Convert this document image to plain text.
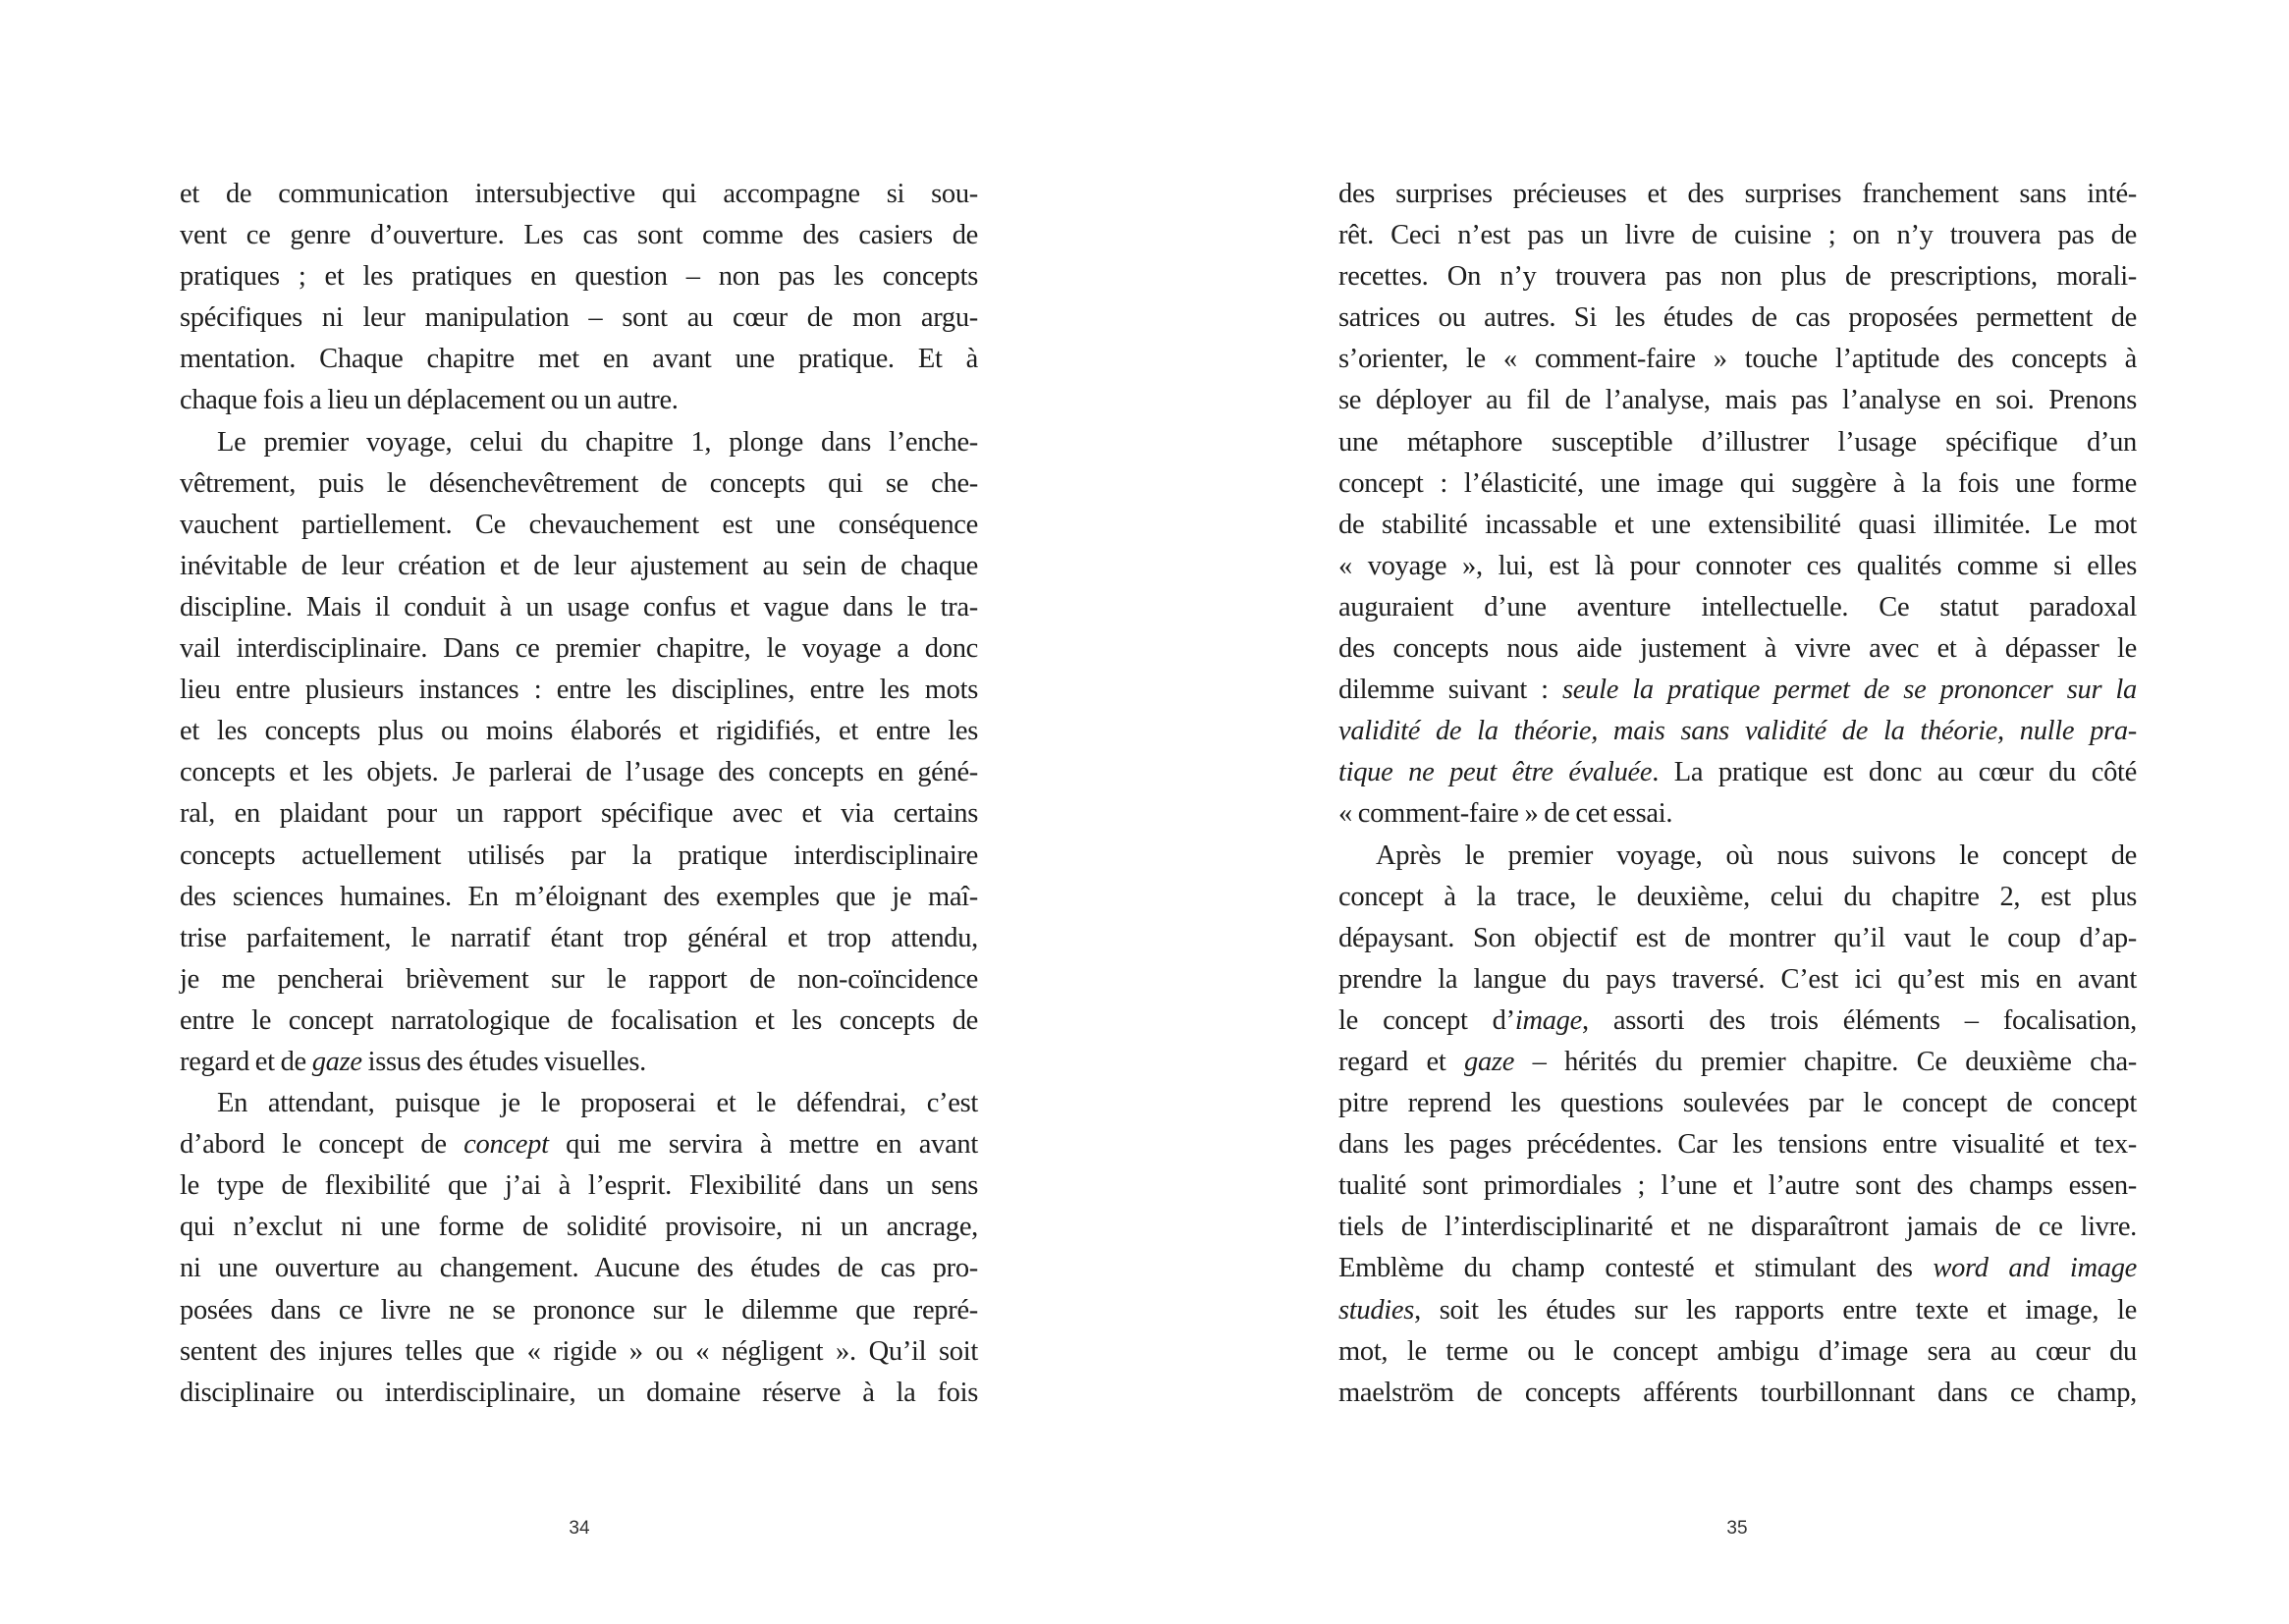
et de communication intersubjective qui accompagne si sou-
vent ce genre d’ouverture. Les cas sont comme des casiers de
pratiques ; et les pratiques en question – non pas les concepts
spécifiques ni leur manipulation – sont au cœur de mon argu-
mentation. Chaque chapitre met en avant une pratique. Et à
chaque fois a lieu un déplacement ou un autre.
Le premier voyage, celui du chapitre 1, plonge dans l’enche-
vêtrement, puis le désenchevêtrement de concepts qui se che-
vauchent partiellement. Ce chevauchement est une conséquence
inévitable de leur création et de leur ajustement au sein de chaque
discipline. Mais il conduit à un usage confus et vague dans le tra-
vail interdisciplinaire. Dans ce premier chapitre, le voyage a donc
lieu entre plusieurs instances : entre les disciplines, entre les mots
et les concepts plus ou moins élaborés et rigidifiés, et entre les
concepts et les objets. Je parlerai de l’usage des concepts en géné-
ral, en plaidant pour un rapport spécifique avec et via certains
concepts actuellement utilisés par la pratique interdisciplinaire
des sciences humaines. En m’éloignant des exemples que je maî-
trise parfaitement, le narratif étant trop général et trop attendu,
je me pencherai brièvement sur le rapport de non-coïncidence
entre le concept narratologique de focalisation et les concepts de
regard et de gaze issus des études visuelles.
En attendant, puisque je le proposerai et le défendrai, c’est
d’abord le concept de concept qui me servira à mettre en avant
le type de flexibilité que j’ai à l’esprit. Flexibilité dans un sens
qui n’exclut ni une forme de solidité provisoire, ni un ancrage,
ni une ouverture au changement. Aucune des études de cas pro-
posées dans ce livre ne se prononce sur le dilemme que repré-
sentent des injures telles que « rigide » ou « négligent ». Qu’il soit
disciplinaire ou interdisciplinaire, un domaine réserve à la fois
des surprises précieuses et des surprises franchement sans inté-
rêt. Ceci n’est pas un livre de cuisine ; on n’y trouvera pas de
recettes. On n’y trouvera pas non plus de prescriptions, morali-
satrices ou autres. Si les études de cas proposées permettent de
s’orienter, le « comment-faire » touche l’aptitude des concepts à
se déployer au fil de l’analyse, mais pas l’analyse en soi. Prenons
une métaphore susceptible d’illustrer l’usage spécifique d’un
concept : l’élasticité, une image qui suggère à la fois une forme
de stabilité incassable et une extensibilité quasi illimitée. Le mot
« voyage », lui, est là pour connoter ces qualités comme si elles
auguraient d’une aventure intellectuelle. Ce statut paradoxal
des concepts nous aide justement à vivre avec et à dépasser le
dilemme suivant : seule la pratique permet de se prononcer sur la
validité de la théorie, mais sans validité de la théorie, nulle pra-
tique ne peut être évaluée. La pratique est donc au cœur du côté
« comment-faire » de cet essai.
Après le premier voyage, où nous suivons le concept de
concept à la trace, le deuxième, celui du chapitre 2, est plus
dépaysant. Son objectif est de montrer qu’il vaut le coup d’ap-
prendre la langue du pays traversé. C’est ici qu’est mis en avant
le concept d’image, assorti des trois éléments – focalisation,
regard et gaze – hérités du premier chapitre. Ce deuxième cha-
pitre reprend les questions soulevées par le concept de concept
dans les pages précédentes. Car les tensions entre visualité et tex-
tualité sont primordiales ; l’une et l’autre sont des champs essen-
tiels de l’interdisciplinarité et ne disparaîtront jamais de ce livre.
Emblème du champ contesté et stimulant des word and image
studies, soit les études sur les rapports entre texte et image, le
mot, le terme ou le concept ambigu d’image sera au cœur du
maelström de concepts afférents tourbillonnant dans ce champ,
34	35
